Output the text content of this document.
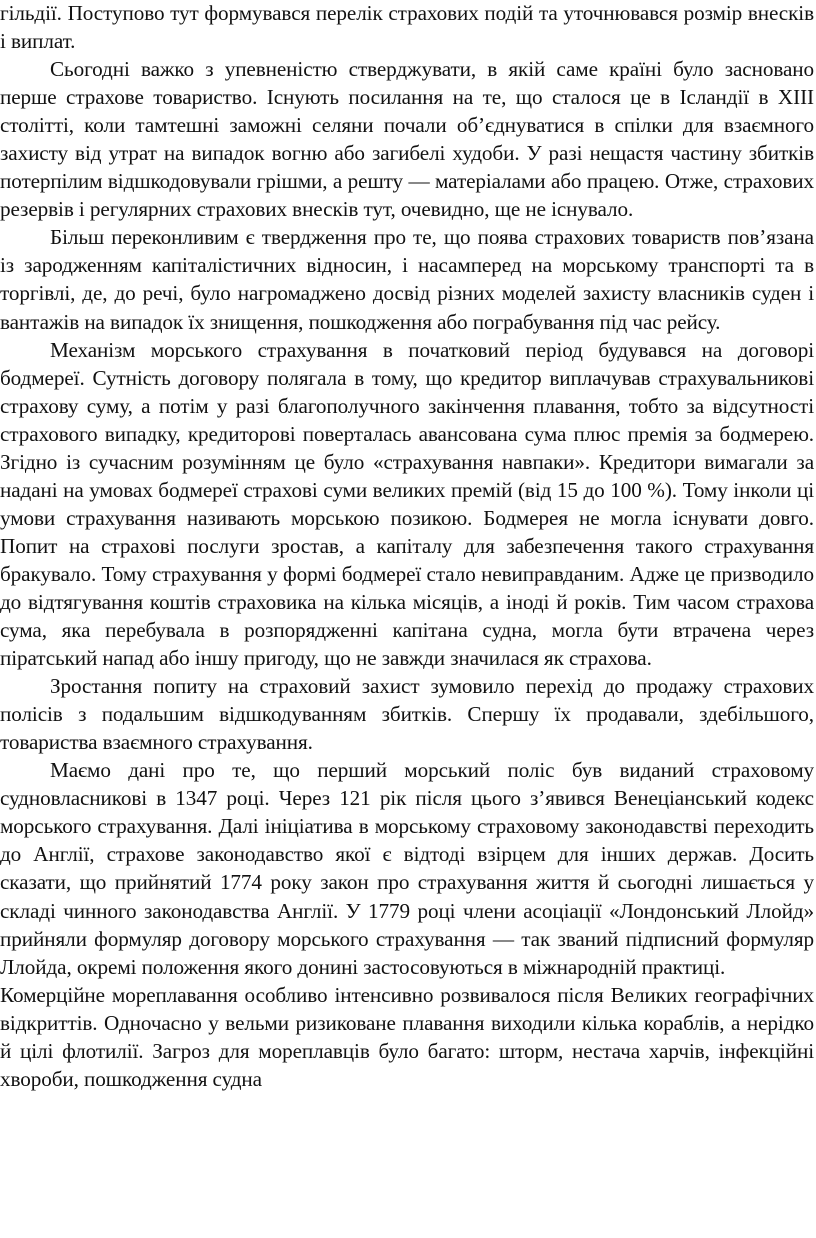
гільдії. Поступово тут формувався перелік страхових подій та уточнювався розмір внесків і виплат.

Сьогодні важко з упевненістю стверджувати, в якій саме країні було засновано перше страхове товариство. Існують посилання на те, що сталося це в Ісландії в XIII столітті, коли тамтешні заможні селяни почали об’єднуватися в спілки для взаємного захисту від утрат на випадок вогню або загибелі худоби. У разі нещастя частину збитків потерпілим відшкодовували грішми, а решту — матеріалами або працею. Отже, страхових резервів і регулярних страхових внесків тут, очевидно, ще не існувало.

Більш переконливим є твердження про те, що поява страхових товариств пов’язана із зародженням капіталістичних відносин, і насамперед на морському транспорті та в торгівлі, де, до речі, було нагромаджено досвід різних моделей захисту власників суден і вантажів на випадок їх знищення, пошкодження або пограбування під час рейсу.

Механізм морського страхування в початковий період будувався на договорі бодмереї. Сутність договору полягала в тому, що кредитор виплачував страхувальникові страхову суму, а потім у разі благополучного закінчення плавання, тобто за відсутності страхового випадку, кредиторові поверталась авансована сума плюс премія за бодмерею. Згідно із сучасним розумінням це було «страхування навпаки». Кредитори вимагали за надані на умовах бодмереї страхові суми великих премій (від 15 до 100 %). Тому інколи ці умови страхування називають морською позикою. Бодмерея не могла існувати довго. Попит на страхові послуги зростав, а капіталу для забезпечення такого страхування бракувало. Тому страхування у формі бодмереї стало невиправданим. Адже це призводило до відтягування коштів страховика на кілька місяців, а іноді й років. Тим часом страхова сума, яка перебувала в розпорядженні капітана судна, могла бути втрачена через піратський напад або іншу пригоду, що не завжди значилася як страхова.

Зростання попиту на страховий захист зумовило перехід до продажу страхових полісів з подальшим відшкодуванням збитків. Спершу їх продавали, здебільшого, товариства взаємного страхування.

Маємо дані про те, що перший морський поліс був виданий страховому судновласникові в 1347 році. Через 121 рік після цього з’явився Венеціанський кодекс морського страхування. Далі ініціатива в морському страховому законодавстві переходить до Англії, страхове законодавство якої є відтоді взірцем для інших держав. Досить сказати, що прийнятий 1774 року закон про страхування життя й сьогодні лишається у складі чинного законодавства Англії. У 1779 році члени асоціації «Лондонський Ллойд» прийняли формуляр договору морського страхування — так званий підписний формуляр Ллойда, окремі положення якого донині застосовуються в міжнародній практиці.

Комерційне мореплавання особливо інтенсивно розвивалося після Великих географічних відкриттів. Одночасно у вельми ризиковане плавання виходили кілька кораблів, а нерідко й цілі флотилії. Загроз для мореплавців було багато: шторм, нестача харчів, інфекційні хвороби, пошкодження судна
